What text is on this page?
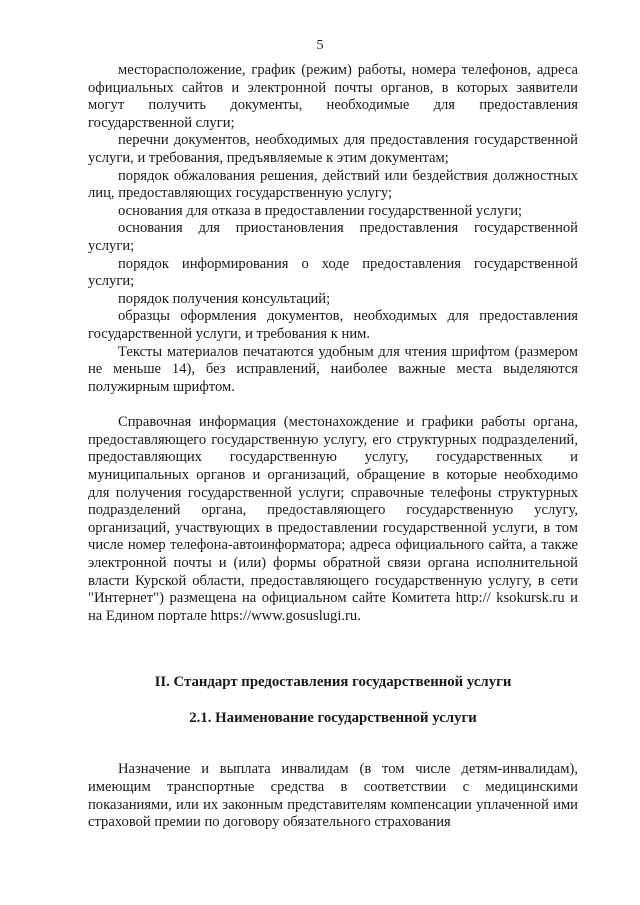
5

месторасположение, график (режим) работы, номера телефонов, адреса официальных сайтов и электронной почты органов, в которых заявители могут получить документы, необходимые для предоставления государственной слуги;

перечни документов, необходимых для предоставления государственной услуги, и требования, предъявляемые к этим документам;

порядок обжалования решения, действий или бездействия должностных лиц, предоставляющих государственную услугу;

основания для отказа в предоставлении государственной услуги;

основания для приостановления предоставления государственной услуги;

порядок информирования о ходе предоставления государственной услуги;

порядок получения консультаций;

образцы оформления документов, необходимых для предоставления государственной услуги, и требования к ним.

Тексты материалов печатаются удобным для чтения шрифтом (размером не меньше 14), без исправлений, наиболее важные места выделяются полужирным шрифтом.

Справочная информация (местонахождение и графики работы органа, предоставляющего государственную услугу, его структурных подразделений, предоставляющих государственную услугу, государственных и муниципальных органов и организаций, обращение в которые необходимо для получения государственной услуги; справочные телефоны структурных подразделений органа, предоставляющего государственную услугу, организаций, участвующих в предоставлении государственной услуги, в том числе номер телефона-автоинформатора; адреса официального сайта, а также электронной почты и (или) формы обратной связи органа исполнительной власти Курской области, предоставляющего государственную услугу, в сети "Интернет") размещена на официальном сайте Комитета http:// ksokursk.ru и на Едином портале https://www.gosuslugi.ru.

II. Стандарт предоставления государственной услуги
2.1. Наименование государственной услуги

Назначение и выплата инвалидам (в том числе детям-инвалидам), имеющим транспортные средства в соответствии с медицинскими показаниями, или их законным представителям компенсации уплаченной ими страховой премии по договору обязательного страхования
